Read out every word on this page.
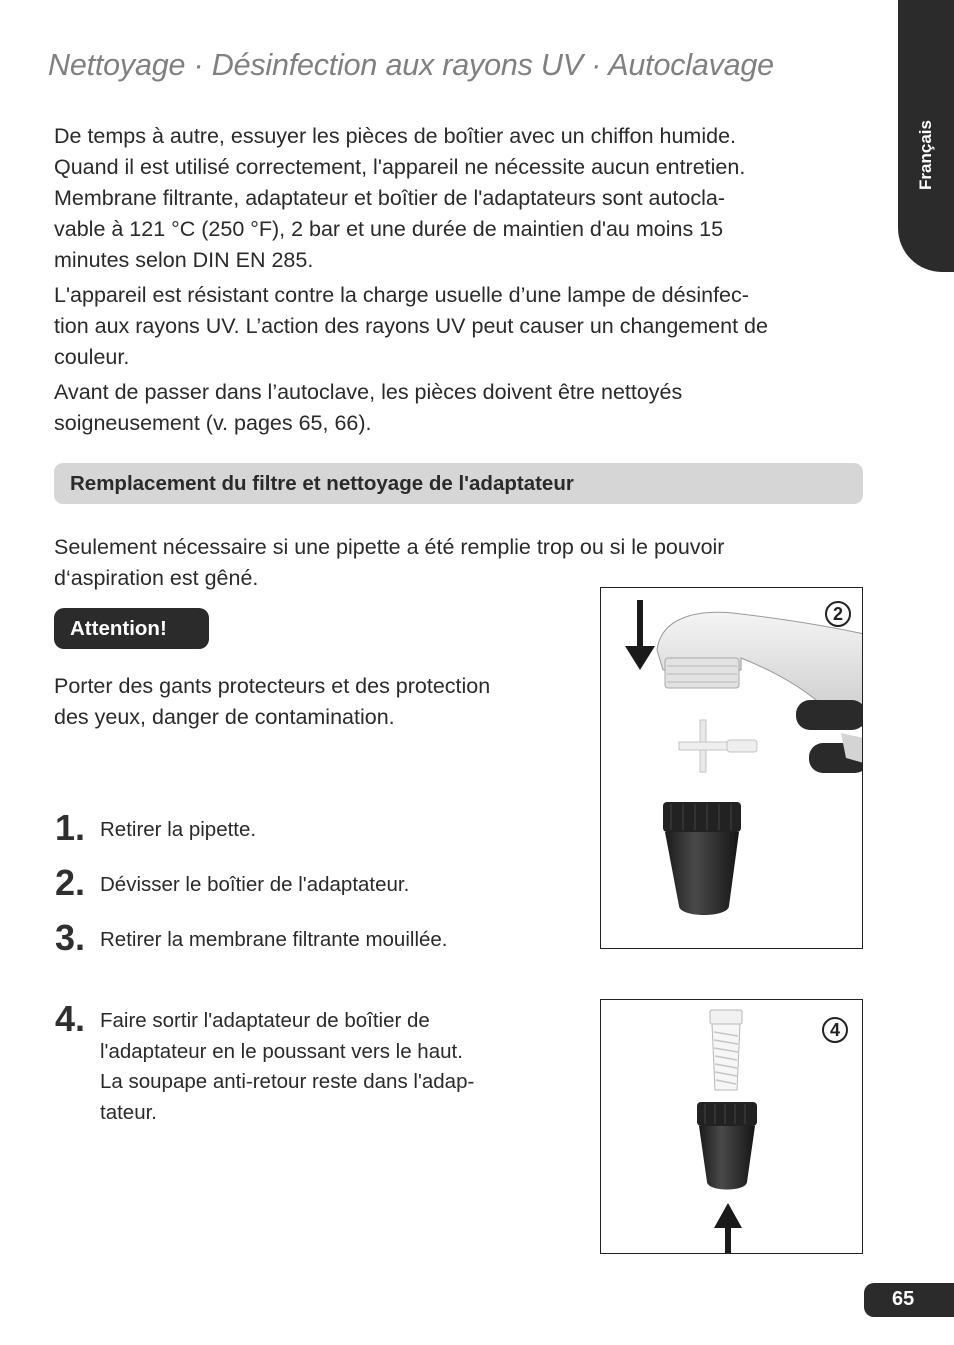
Nettoyage · Désinfection aux rayons UV · Autoclavage
Français

De temps à autre, essuyer les pièces de boîtier avec un chiffon humide.
Quand il est utilisé correctement, l'appareil ne nécessite aucun entretien.
Membrane filtrante, adaptateur et boîtier de l'adaptateurs sont autocla-
vable à 121 °C (250 °F), 2 bar et une durée de maintien d'au moins 15
minutes selon DIN EN 285.

L'appareil est résistant contre la charge usuelle d’une lampe de désinfec-
tion aux rayons UV. L’action des rayons UV peut causer un changement de
couleur.

Avant de passer dans l’autoclave, les pièces doivent être nettoyés
soigneusement (v. pages 65, 66).

Remplacement du filtre et nettoyage de l'adaptateur

Seulement nécessaire si une pipette a été remplie trop ou si le pouvoir
d‘aspiration est gêné.

Attention!

Porter des gants protecteurs et des protection
des yeux, danger de contamination.

1. Retirer la pipette.

2. Dévisser le boîtier de l'adaptateur.

3. Retirer la membrane filtrante mouillée.

4. Faire sortir l'adaptateur de boîtier de
l'adaptateur en le poussant vers le haut.
La soupape anti-retour reste dans l'adap-
tateur.

2
4
65
